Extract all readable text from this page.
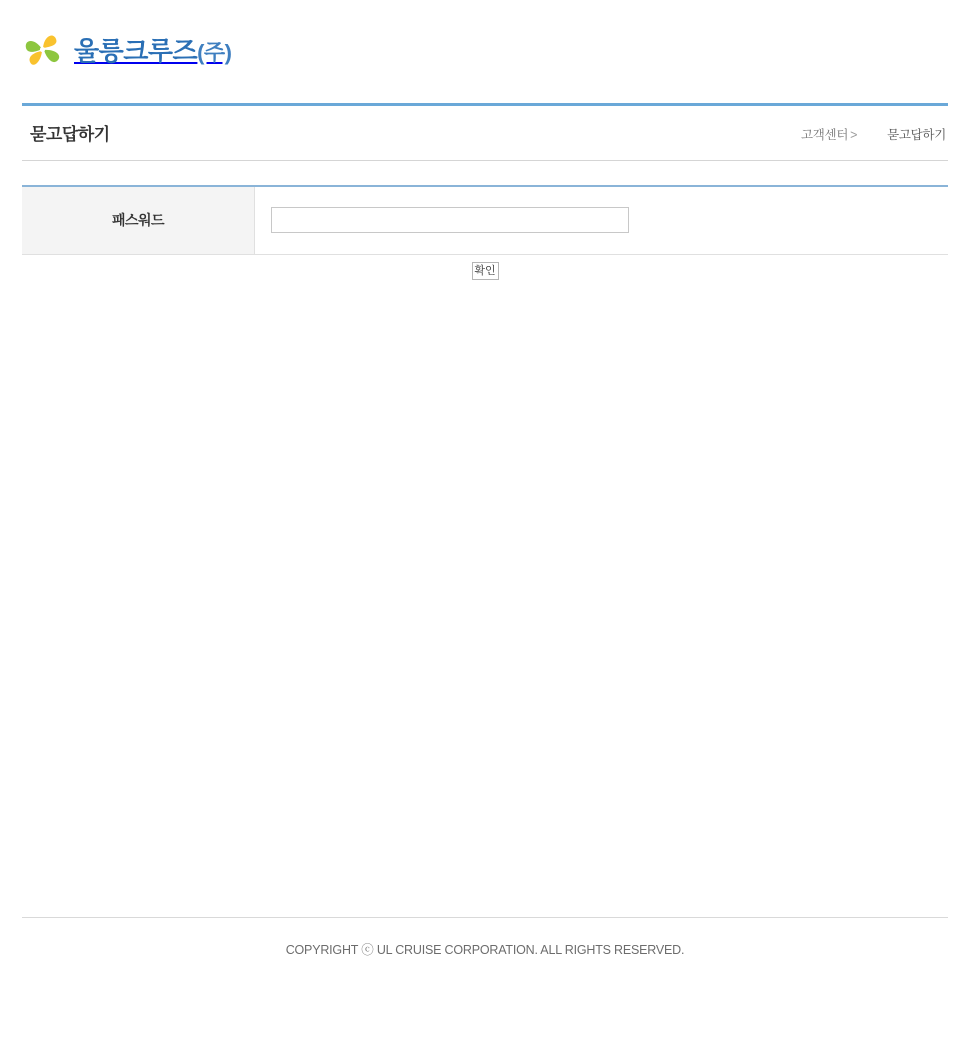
울릉크루즈(주)
묻고답하기	고객센터 > 묻고답하기
패스워드	
확인
COPYRIGHT ⓒ UL CRUISE CORPORATION. ALL RIGHTS RESERVED.
